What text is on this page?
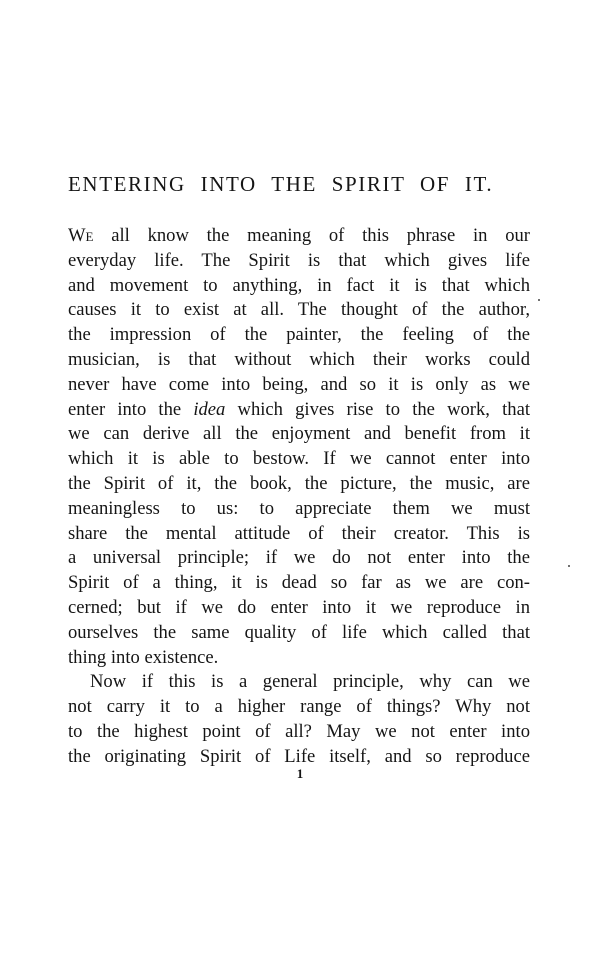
ENTERING INTO THE SPIRIT OF IT.
We all know the meaning of this phrase in our
everyday life. The Spirit is that which gives life
and movement to anything, in fact it is that which
causes it to exist at all. The thought of the author,
the impression of the painter, the feeling of the
musician, is that without which their works could
never have come into being, and so it is only as we
enter into the idea which gives rise to the work, that
we can derive all the enjoyment and benefit from it
which it is able to bestow. If we cannot enter into
the Spirit of it, the book, the picture, the music, are
meaningless to us: to appreciate them we must
share the mental attitude of their creator. This is
a universal principle; if we do not enter into the
Spirit of a thing, it is dead so far as we are con-
cerned; but if we do enter into it we reproduce in
ourselves the same quality of life which called that
thing into existence.
Now if this is a general principle, why can we
not carry it to a higher range of things? Why not
to the highest point of all? May we not enter into
the originating Spirit of Life itself, and so reproduce
1
